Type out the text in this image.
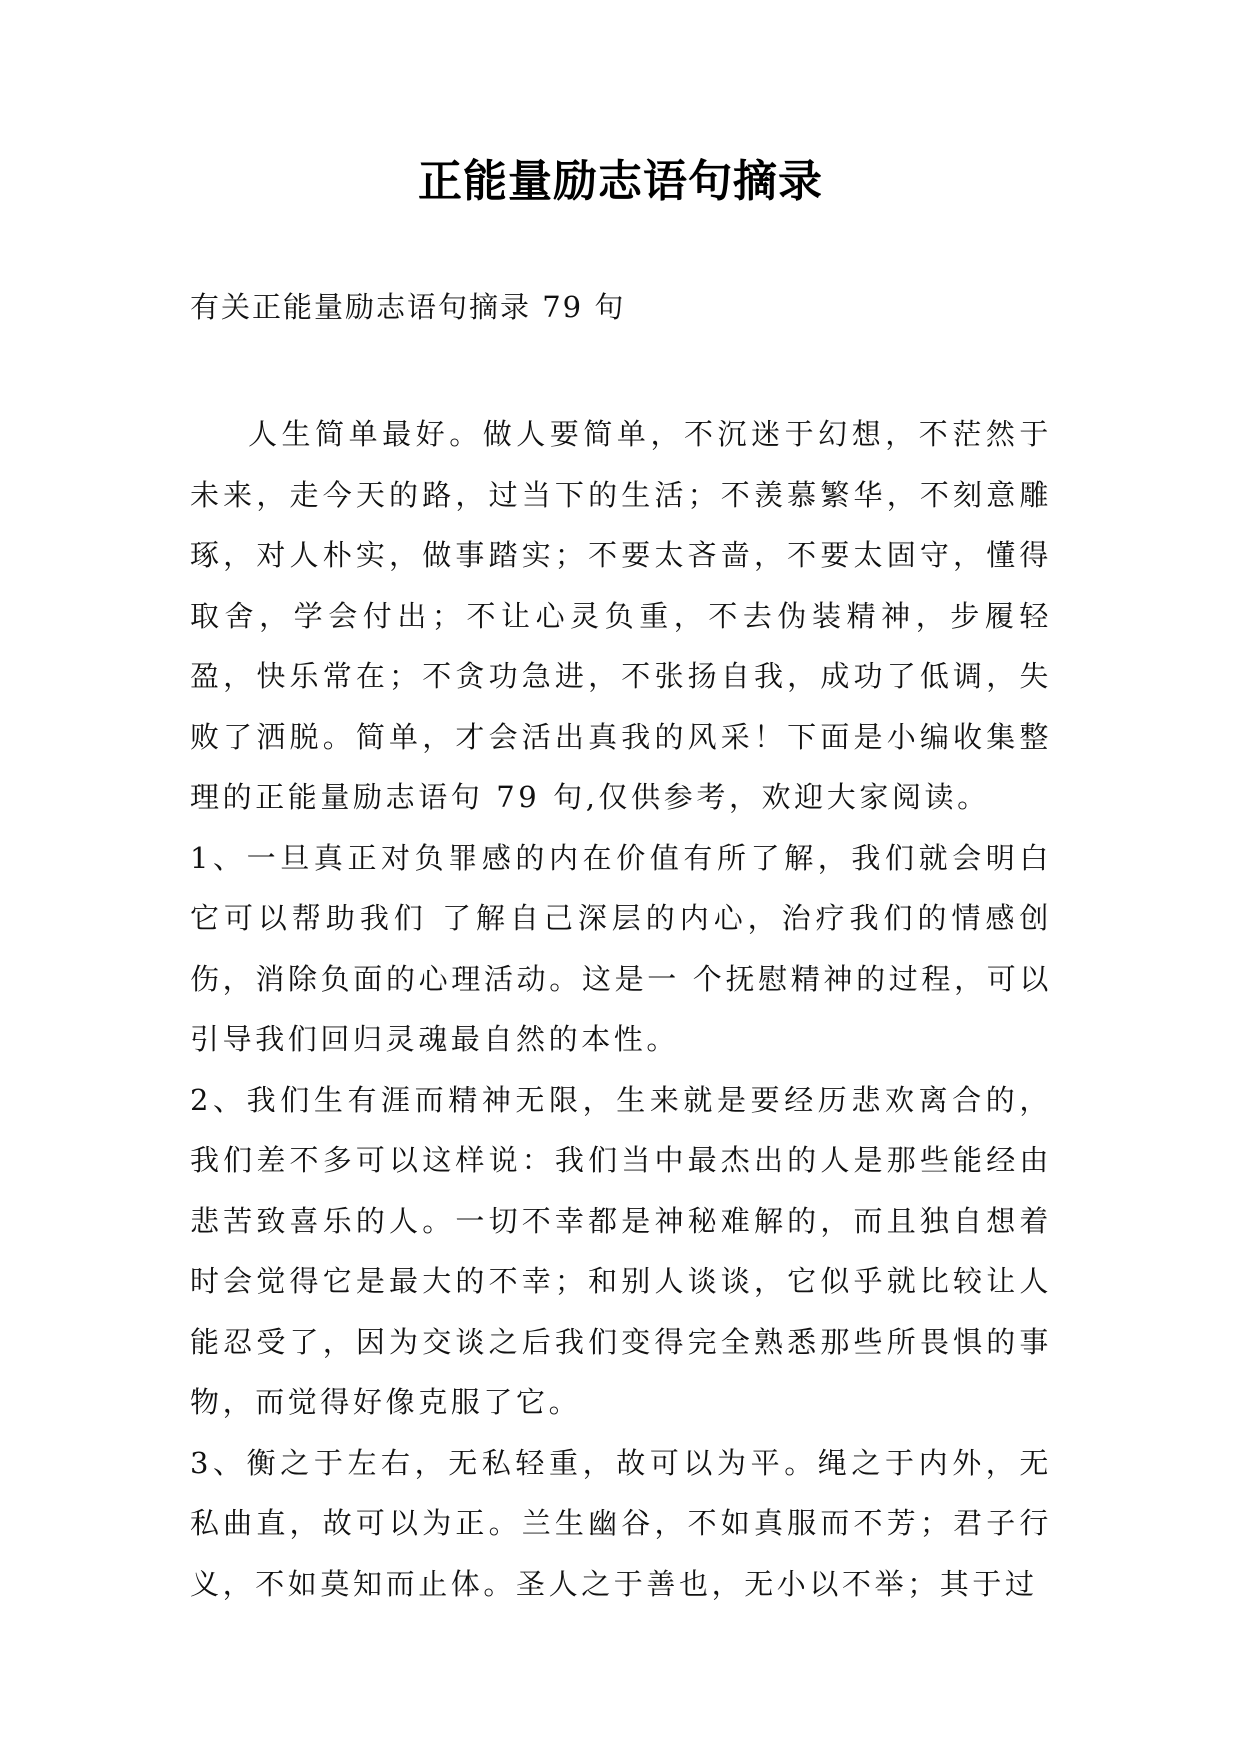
正能量励志语句摘录
有关正能量励志语句摘录 79 句

人生简单最好。做人要简单，不沉迷于幻想，不茫然于未来，走今天的路，过当下的生活；不羡慕繁华，不刻意雕琢，对人朴实，做事踏实；不要太吝啬，不要太固守，懂得取舍，学会付出；不让心灵负重，不去伪装精神，步履轻盈，快乐常在；不贪功急进，不张扬自我，成功了低调，失败了洒脱。简单，才会活出真我的风采！下面是小编收集整理的正能量励志语句 79 句,仅供参考，欢迎大家阅读。

1、一旦真正对负罪感的内在价值有所了解，我们就会明白它可以帮助我们 了解自己深层的内心，治疗我们的情感创伤，消除负面的心理活动。这是一 个抚慰精神的过程，可以引导我们回归灵魂最自然的本性。

2、我们生有涯而精神无限，生来就是要经历悲欢离合的，我们差不多可以这样说：我们当中最杰出的人是那些能经由悲苦致喜乐的人。一切不幸都是神秘难解的，而且独自想着时会觉得它是最大的不幸；和别人谈谈，它似乎就比较让人能忍受了，因为交谈之后我们变得完全熟悉那些所畏惧的事物，而觉得好像克服了它。

3、衡之于左右，无私轻重，故可以为平。绳之于内外，无私曲直，故可以为正。兰生幽谷，不如真服而不芳；君子行义，不如莫知而止体。圣人之于善也，无小以不举；其于过
